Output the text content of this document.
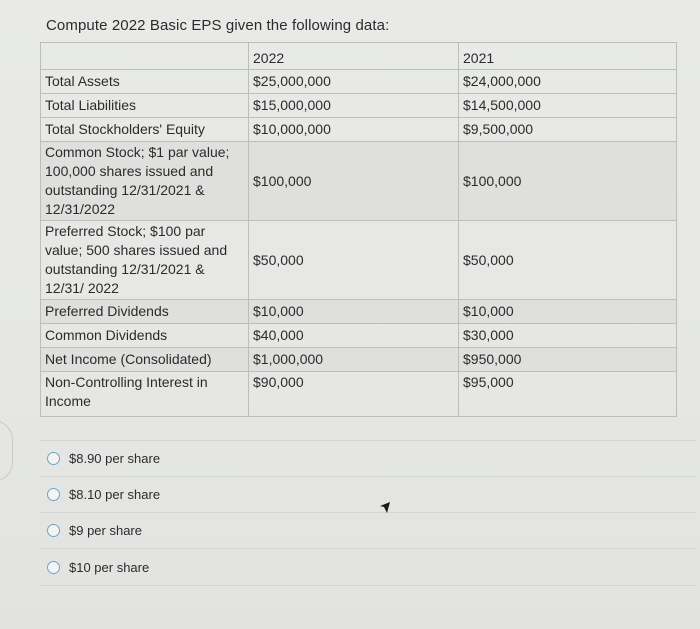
Compute 2022 Basic EPS given the following data:
	2022	2021
Total Assets	$25,000,000	$24,000,000
Total Liabilities	$15,000,000	$14,500,000
Total Stockholders' Equity	$10,000,000	$9,500,000
Common Stock; $1 par value; 100,000 shares issued and outstanding 12/31/2021 & 12/31/2022	$100,000	$100,000
Preferred Stock; $100 par value; 500 shares issued and outstanding 12/31/2021 & 12/31/ 2022	$50,000	$50,000
Preferred Dividends	$10,000	$10,000
Common Dividends	$40,000	$30,000
Net Income (Consolidated)	$1,000,000	$950,000
Non-Controlling Interest in Income	$90,000	$95,000
$8.90 per share
$8.10 per share
$9 per share
$10 per share
